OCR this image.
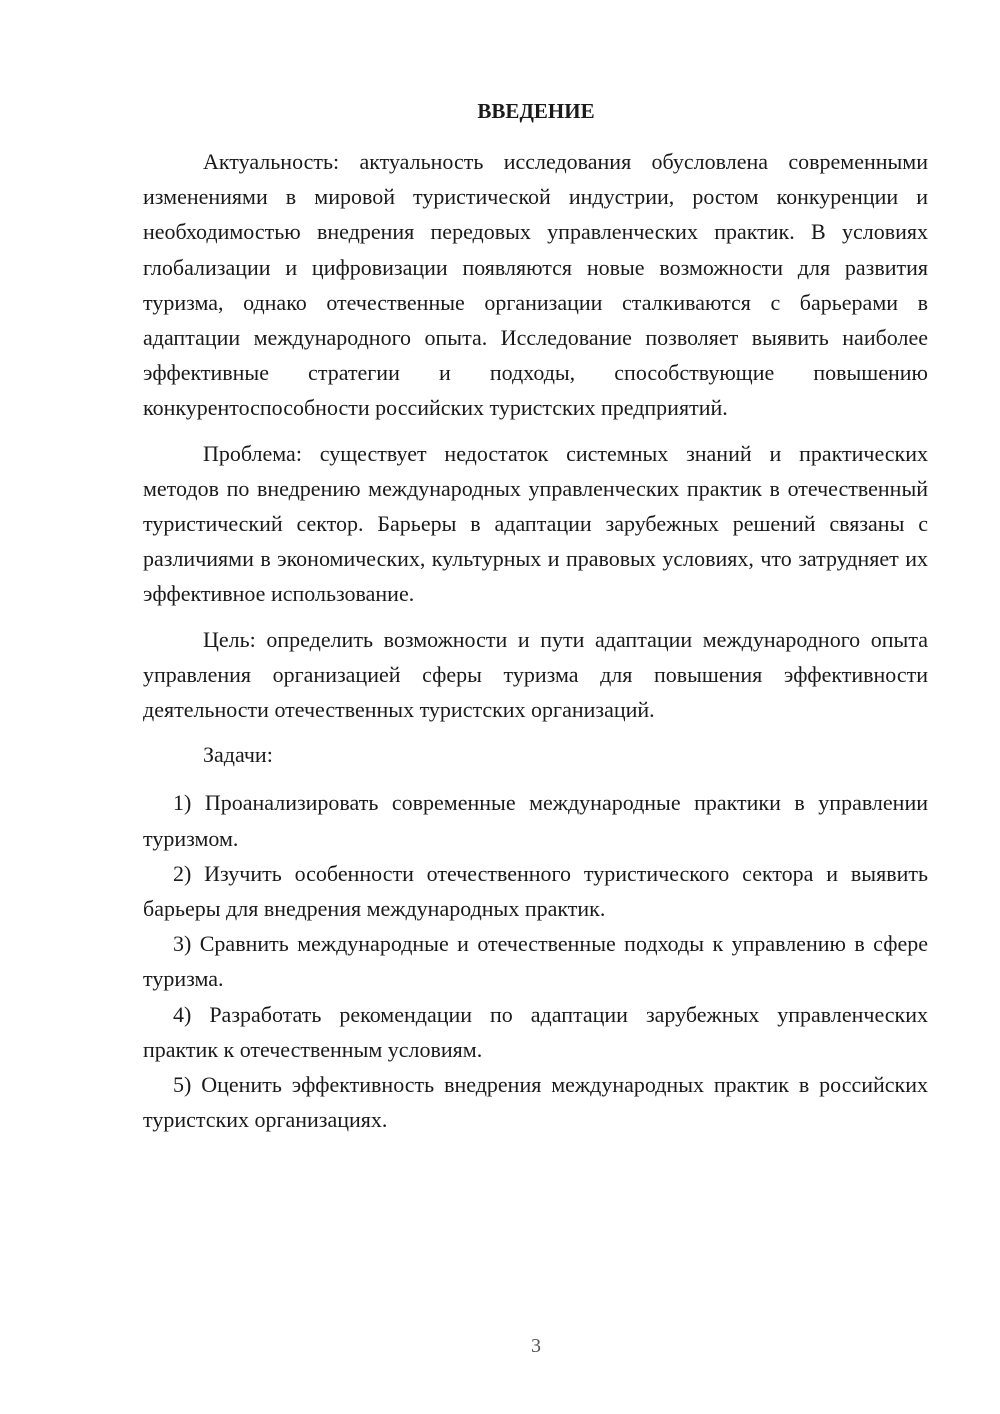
ВВЕДЕНИЕ

Актуальность: актуальность исследования обусловлена современными изменениями в мировой туристической индустрии, ростом конкуренции и необходимостью внедрения передовых управленческих практик. В условиях глобализации и цифровизации появляются новые возможности для развития туризма, однако отечественные организации сталкиваются с барьерами в адаптации международного опыта. Исследование позволяет выявить наиболее эффективные стратегии и подходы, способствующие повышению конкурентоспособности российских туристских предприятий.

Проблема: существует недостаток системных знаний и практических методов по внедрению международных управленческих практик в отечественный туристический сектор. Барьеры в адаптации зарубежных решений связаны с различиями в экономических, культурных и правовых условиях, что затрудняет их эффективное использование.

Цель: определить возможности и пути адаптации международного опыта управления организацией сферы туризма для повышения эффективности деятельности отечественных туристских организаций.

Задачи:

1) Проанализировать современные международные практики в управлении туризмом.

2) Изучить особенности отечественного туристического сектора и выявить барьеры для внедрения международных практик.

3) Сравнить международные и отечественные подходы к управлению в сфере туризма.

4) Разработать рекомендации по адаптации зарубежных управленческих практик к отечественным условиям.

5) Оценить эффективность внедрения международных практик в российских туристских организациях.

3
